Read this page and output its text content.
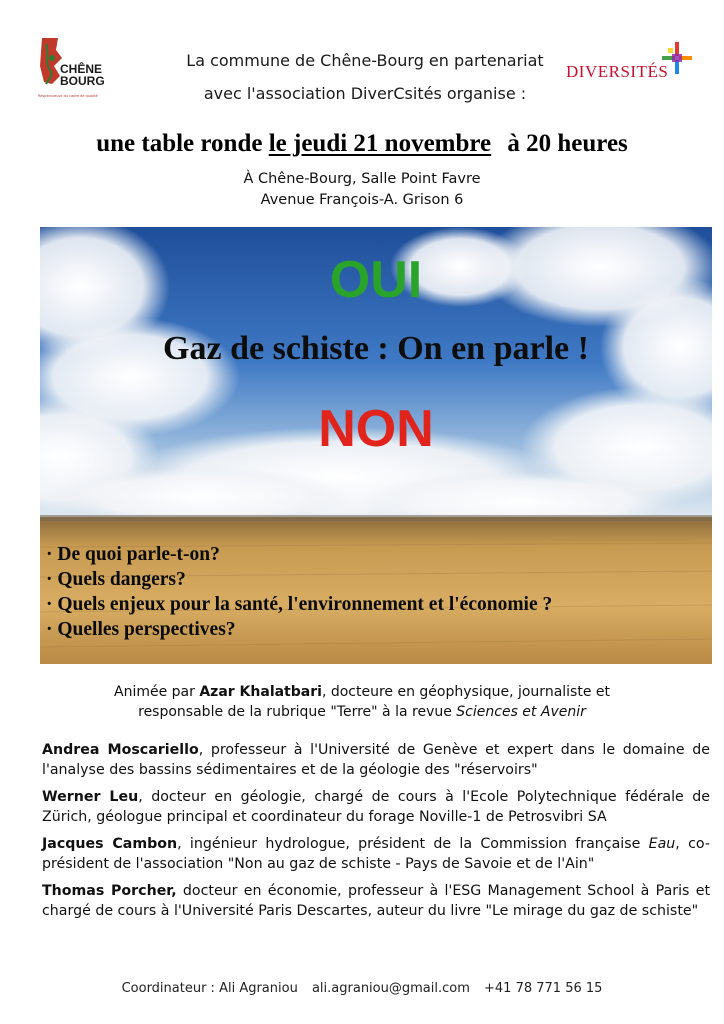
CHÊNE
BOURG
Respectueuse du cadre de qualité
La commune de Chêne-Bourg en partenariat
avec l'association DiverCsités organise :
DIVERSITÉS
une table ronde le jeudi 21 novembre à 20 heures
À Chêne-Bourg, Salle Point Favre
Avenue François-A. Grison 6
OUI
Gaz de schiste : On en parle !
NON
· De quoi parle-t-on?
· Quels dangers?
· Quels enjeux pour la santé, l'environnement et l'économie ?
· Quelles perspectives?
Animée par Azar Khalatbari, docteure en géophysique, journaliste et
responsable de la rubrique "Terre" à la revue Sciences et Avenir
Andrea Moscariello, professeur à l'Université de Genève et expert dans le domaine de l'analyse des bassins sédimentaires et de la géologie des "réservoirs"
Werner Leu, docteur en géologie, chargé de cours à l'Ecole Polytechnique fédérale de Zürich, géologue principal et coordinateur du forage Noville-1 de Petrosvibri SA
Jacques Cambon, ingénieur hydrologue, président de la Commission française Eau, co-président de l'association "Non au gaz de schiste - Pays de Savoie et de l'Ain"
Thomas Porcher, docteur en économie, professeur à l'ESG Management School à Paris et chargé de cours à l'Université Paris Descartes, auteur du livre "Le mirage du gaz de schiste"
Coordinateur : Ali Agraniou ali.agraniou@gmail.com +41 78 771 56 15
